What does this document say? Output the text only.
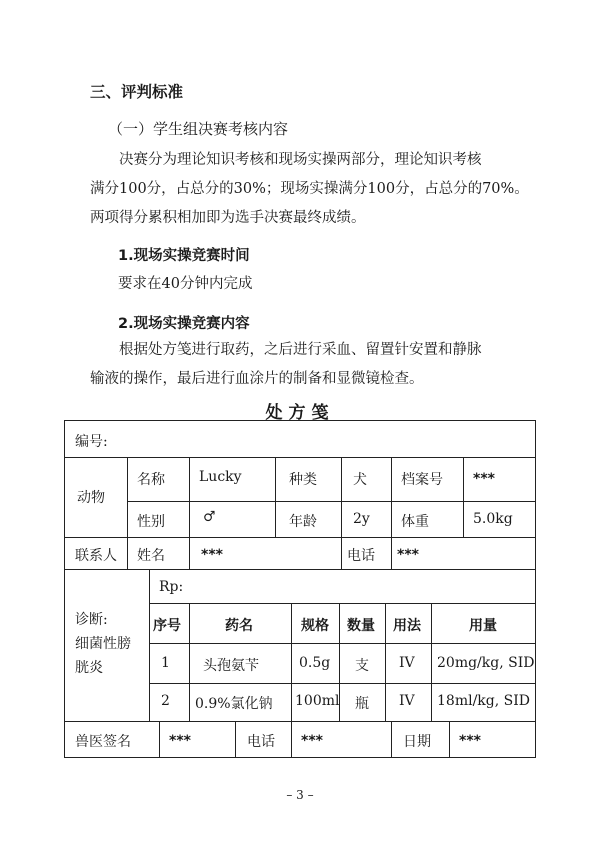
三、评判标准
（一）学生组决赛考核内容
决赛分为理论知识考核和现场实操两部分，理论知识考核
满分100分，占总分的30%；现场实操满分100分，占总分的70%。
两项得分累积相加即为选手决赛最终成绩。
1.现场实操竞赛时间
要求在40分钟内完成
2.现场实操竞赛内容
根据处方笺进行取药，之后进行采血、留置针安置和静脉
输液的操作，最后进行血涂片的制备和显微镜检查。
处方笺
编号:
动物
名称 Lucky	种类	犬 档案号 ***
性别	♂	年龄	2y 体重	5.0kg
联系人 姓名	***	电话 ***
诊断:
细菌性膀
胱炎
Rp:
序号	药名	规格 数量 用法	用量
1 头孢氨苄	0.5g 支 IV 20mg/kg, SID
2 0.9%氯化钠 100ml 瓶 IV 18ml/kg, SID
兽医签名	***	电话 ***	日期 ***
– 3 –
